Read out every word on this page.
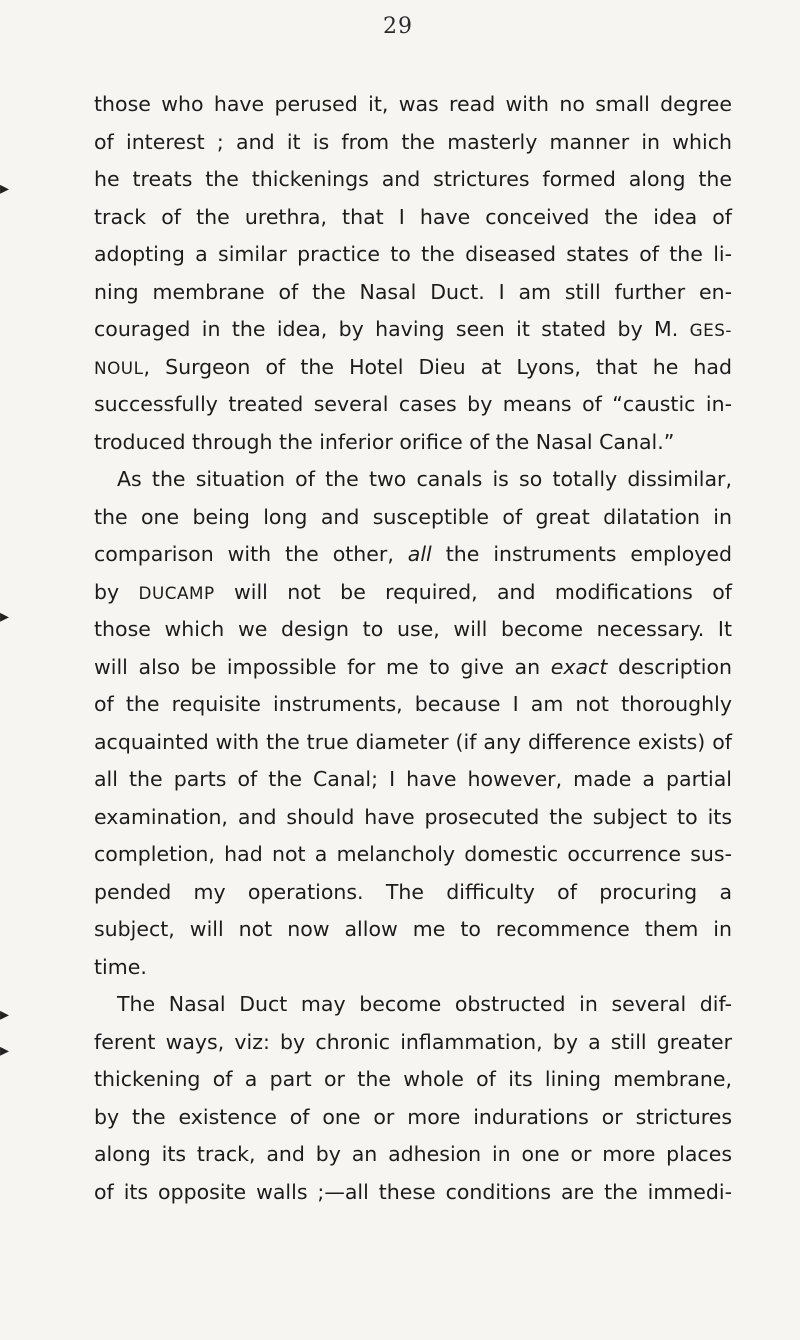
29
▸
▸
▸
▸
those who have perused it, was read with no small degree
of interest ; and it is from the masterly manner in which
he treats the thickenings and strictures formed along the
track of the urethra, that I have conceived the idea of
adopting a similar practice to the diseased states of the li-
ning membrane of the Nasal Duct. I am still further en-
couraged in the idea, by having seen it stated by M. GES-
NOUL, Surgeon of the Hotel Dieu at Lyons, that he had
successfully treated several cases by means of “caustic in-
troduced through the inferior orifice of the Nasal Canal.”
As the situation of the two canals is so totally dissimilar,
the one being long and susceptible of great dilatation in
comparison with the other, all the instruments employed
by DUCAMP will not be required, and modifications of
those which we design to use, will become necessary. It
will also be impossible for me to give an exact description
of the requisite instruments, because I am not thoroughly
acquainted with the true diameter (if any difference exists) of
all the parts of the Canal; I have however, made a partial
examination, and should have prosecuted the subject to its
completion, had not a melancholy domestic occurrence sus-
pended my operations. The difficulty of procuring a
subject, will not now allow me to recommence them in
time.
The Nasal Duct may become obstructed in several dif-
ferent ways, viz: by chronic inflammation, by a still greater
thickening of a part or the whole of its lining membrane,
by the existence of one or more indurations or strictures
along its track, and by an adhesion in one or more places
of its opposite walls ;—all these conditions are the immedi-
